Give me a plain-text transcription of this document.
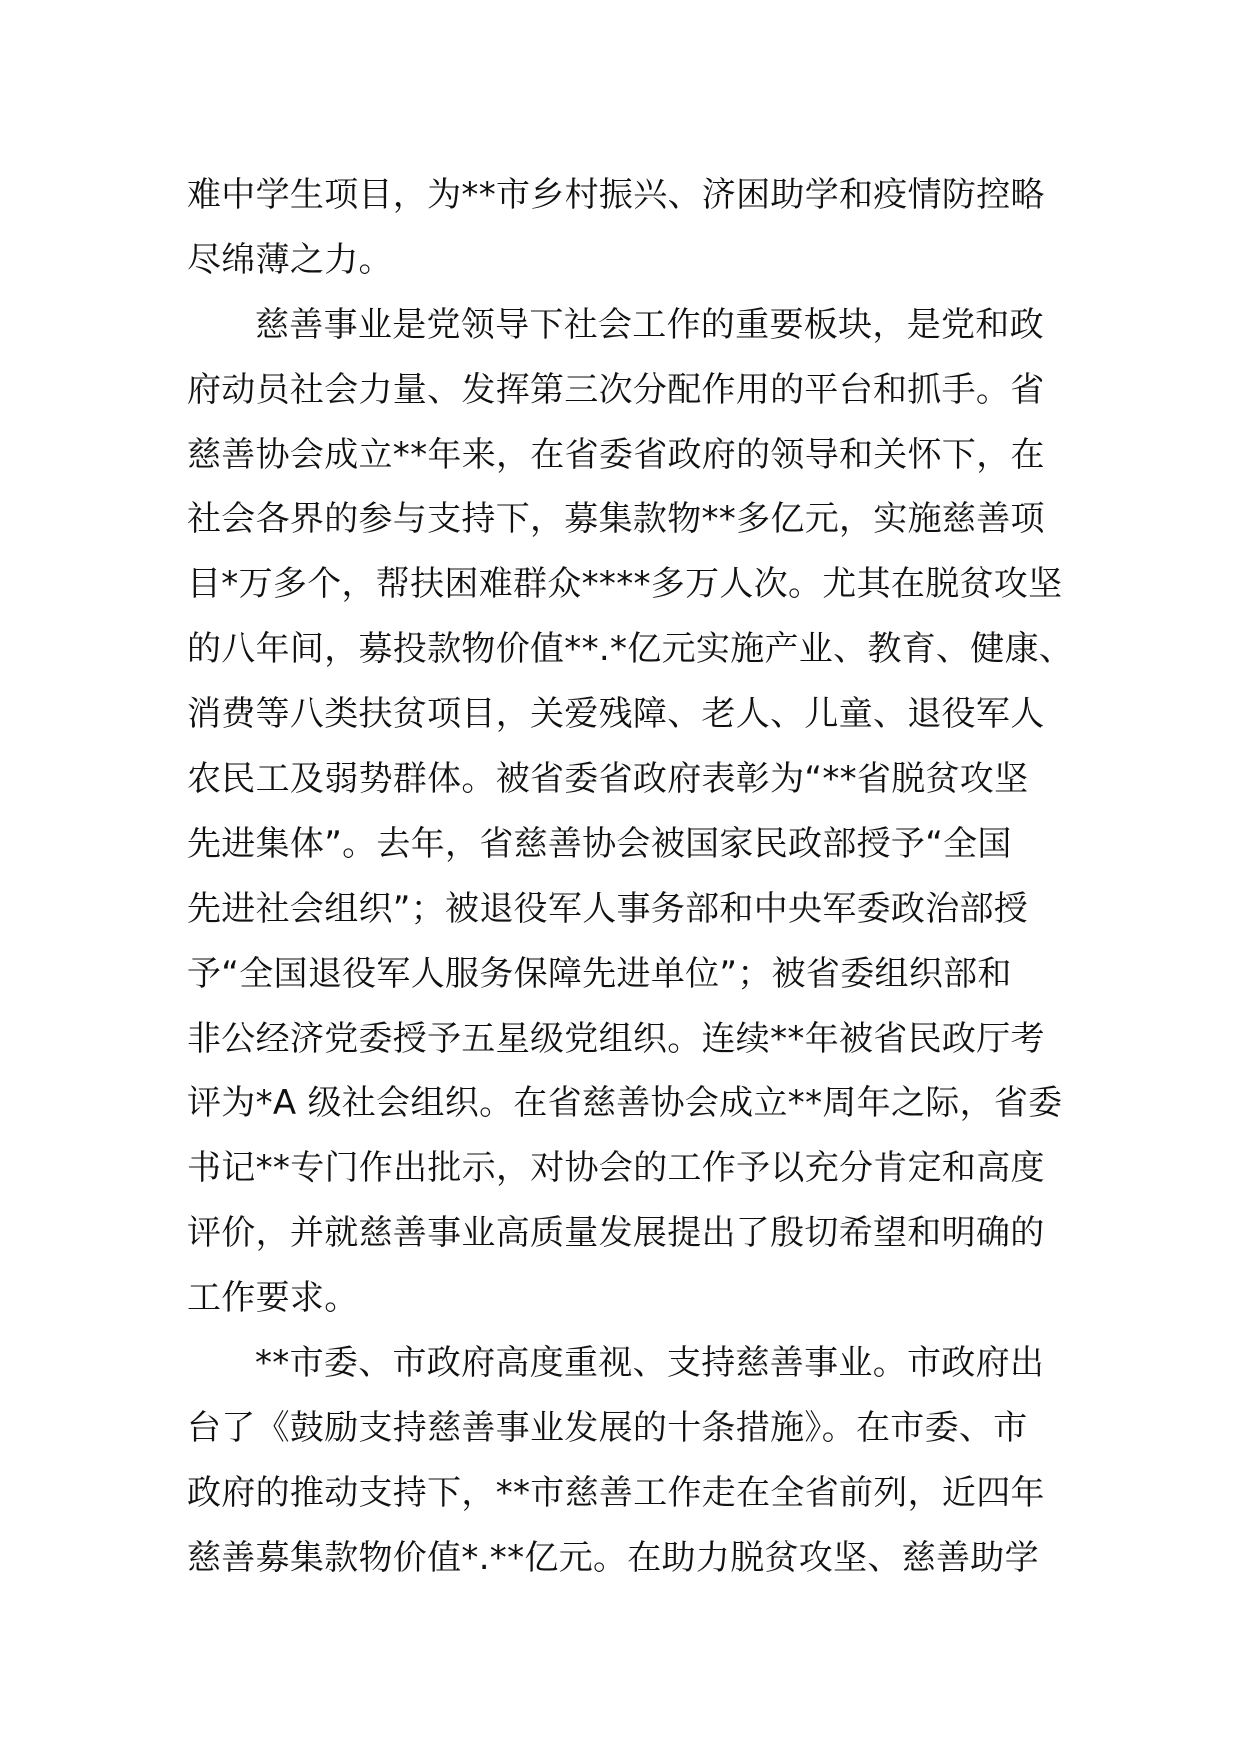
难中学生项目，为**市乡村振兴、济困助学和疫情防控略
尽绵薄之力。
慈善事业是党领导下社会工作的重要板块，是党和政
府动员社会力量、发挥第三次分配作用的平台和抓手。省
慈善协会成立**年来，在省委省政府的领导和关怀下，在
社会各界的参与支持下，募集款物**多亿元，实施慈善项
目*万多个，帮扶困难群众****多万人次。尤其在脱贫攻坚
的八年间，募投款物价值**.*亿元实施产业、教育、健康、
消费等八类扶贫项目，关爱残障、老人、儿童、退役军人
农民工及弱势群体。被省委省政府表彰为“**省脱贫攻坚
先进集体”。去年，省慈善协会被国家民政部授予“全国
先进社会组织”；被退役军人事务部和中央军委政治部授
予“全国退役军人服务保障先进单位”；被省委组织部和
非公经济党委授予五星级党组织。连续**年被省民政厅考
评为*A 级社会组织。在省慈善协会成立**周年之际，省委
书记**专门作出批示，对协会的工作予以充分肯定和高度
评价，并就慈善事业高质量发展提出了殷切希望和明确的
工作要求。
**市委、市政府高度重视、支持慈善事业。市政府出
台了《鼓励支持慈善事业发展的十条措施》。在市委、市
政府的推动支持下，**市慈善工作走在全省前列，近四年
慈善募集款物价值*.**亿元。在助力脱贫攻坚、慈善助学
